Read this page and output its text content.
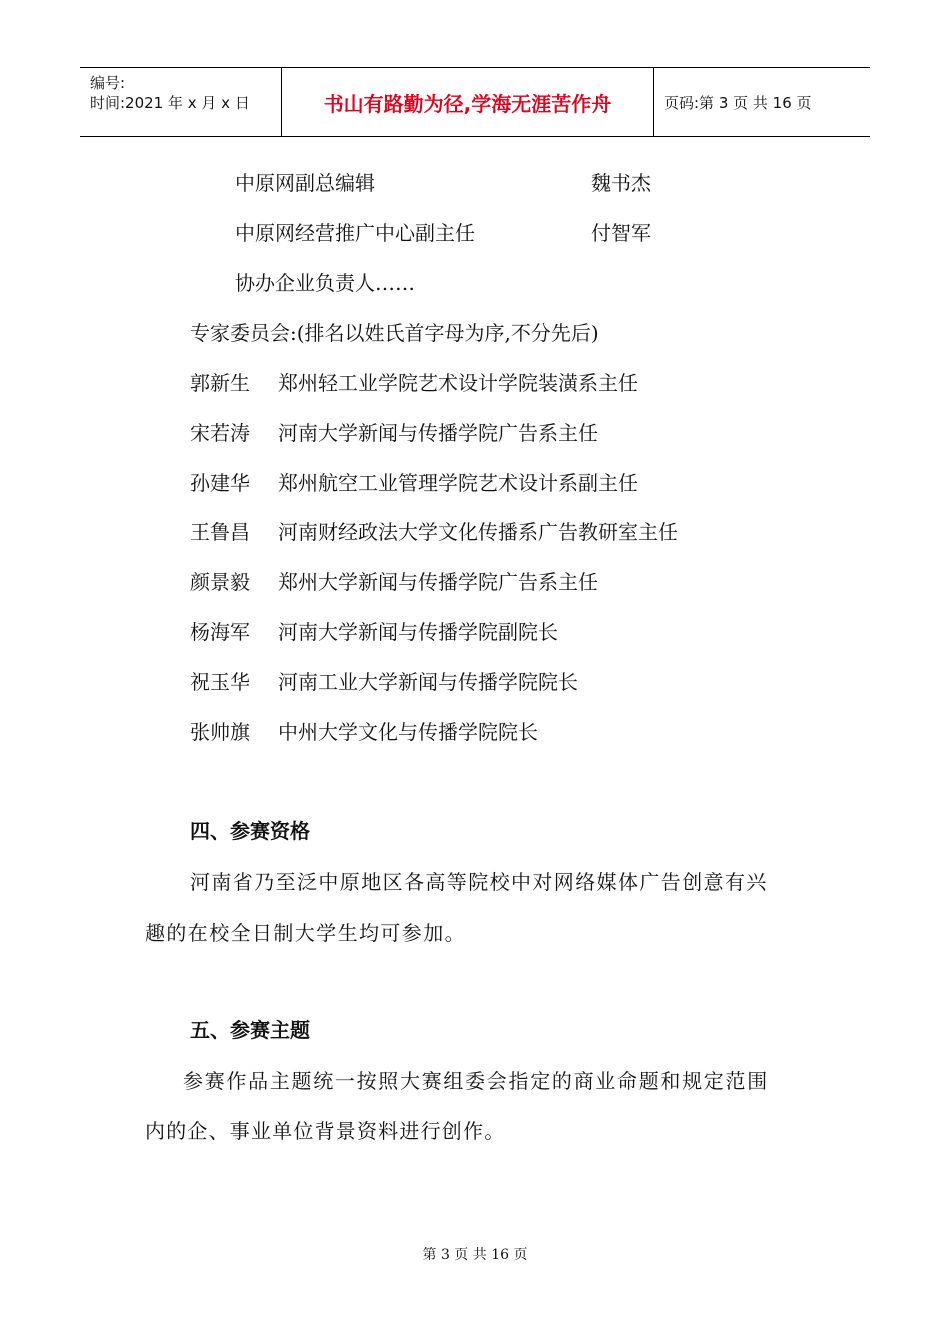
编号:
时间:2021 年 x 月 x 日	书山有路勤为径,学海无涯苦作舟	页码:第 3 页 共 16 页
中原网副总编辑	魏书杰
中原网经营推广中心副主任	付智军
协办企业负责人……
专家委员会:(排名以姓氏首字母为序,不分先后)
郭新生 郑州轻工业学院艺术设计学院装潢系主任
宋若涛 河南大学新闻与传播学院广告系主任
孙建华 郑州航空工业管理学院艺术设计系副主任
王鲁昌 河南财经政法大学文化传播系广告教研室主任
颜景毅 郑州大学新闻与传播学院广告系主任
杨海军 河南大学新闻与传播学院副院长
祝玉华 河南工业大学新闻与传播学院院长
张帅旗 中州大学文化与传播学院院长
四、参赛资格
河南省乃至泛中原地区各高等院校中对网络媒体广告创意有兴
趣的在校全日制大学生均可参加。
五、参赛主题
参赛作品主题统一按照大赛组委会指定的商业命题和规定范围
内的企、事业单位背景资料进行创作。
第 3 页 共 16 页
